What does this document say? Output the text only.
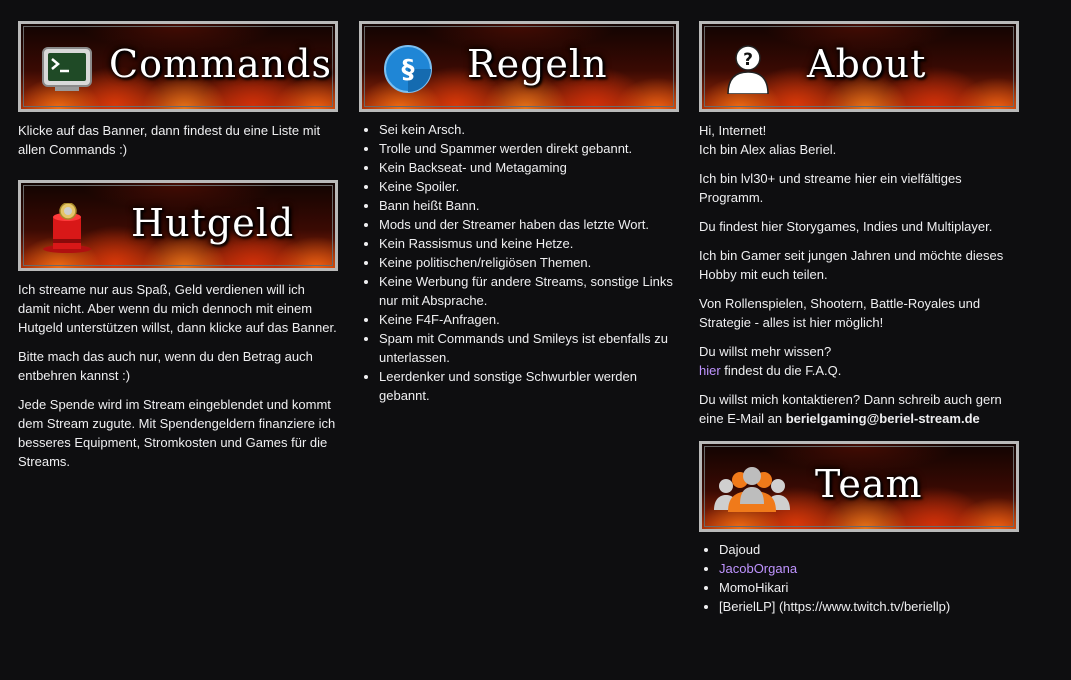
Commands

Klicke auf das Banner, dann findest du eine Liste mit allen Commands :)

Hutgeld

Ich streame nur aus Spaß, Geld verdienen will ich damit nicht. Aber wenn du mich dennoch mit einem Hutgeld unterstützen willst, dann klicke auf das Banner.

Bitte mach das auch nur, wenn du den Betrag auch entbehren kannst :)

Jede Spende wird im Stream eingeblendet und kommt dem Stream zugute. Mit Spendengeldern finanziere ich besseres Equipment, Stromkosten und Games für die Streams.

§ Regeln
• Sei kein Arsch.
• Trolle und Spammer werden direkt gebannt.
• Kein Backseat- und Metagaming
• Keine Spoiler.
• Bann heißt Bann.
• Mods und der Streamer haben das letzte Wort.
• Kein Rassismus und keine Hetze.
• Keine politischen/religiösen Themen.
• Keine Werbung für andere Streams, sonstige Links nur mit Absprache.
• Keine F4F-Anfragen.
• Spam mit Commands und Smileys ist ebenfalls zu unterlassen.
• Leerdenker und sonstige Schwurbler werden gebannt.
? About

Hi, Internet!
Ich bin Alex alias Beriel.

Ich bin lvl30+ und streame hier ein vielfältiges Programm.

Du findest hier Storygames, Indies und Multiplayer.

Ich bin Gamer seit jungen Jahren und möchte dieses Hobby mit euch teilen.

Von Rollenspielen, Shootern, Battle-Royales und Strategie - alles ist hier möglich!

Du willst mehr wissen?
hier findest du die F.A.Q.

Du willst mich kontaktieren? Dann schreib auch gern eine E-Mail an berielgaming@beriel-stream.de

Team
• Dajoud
• JacobOrgana
• MomoHikari
• [BerielLP] (https://www.twitch.tv/beriellp)
